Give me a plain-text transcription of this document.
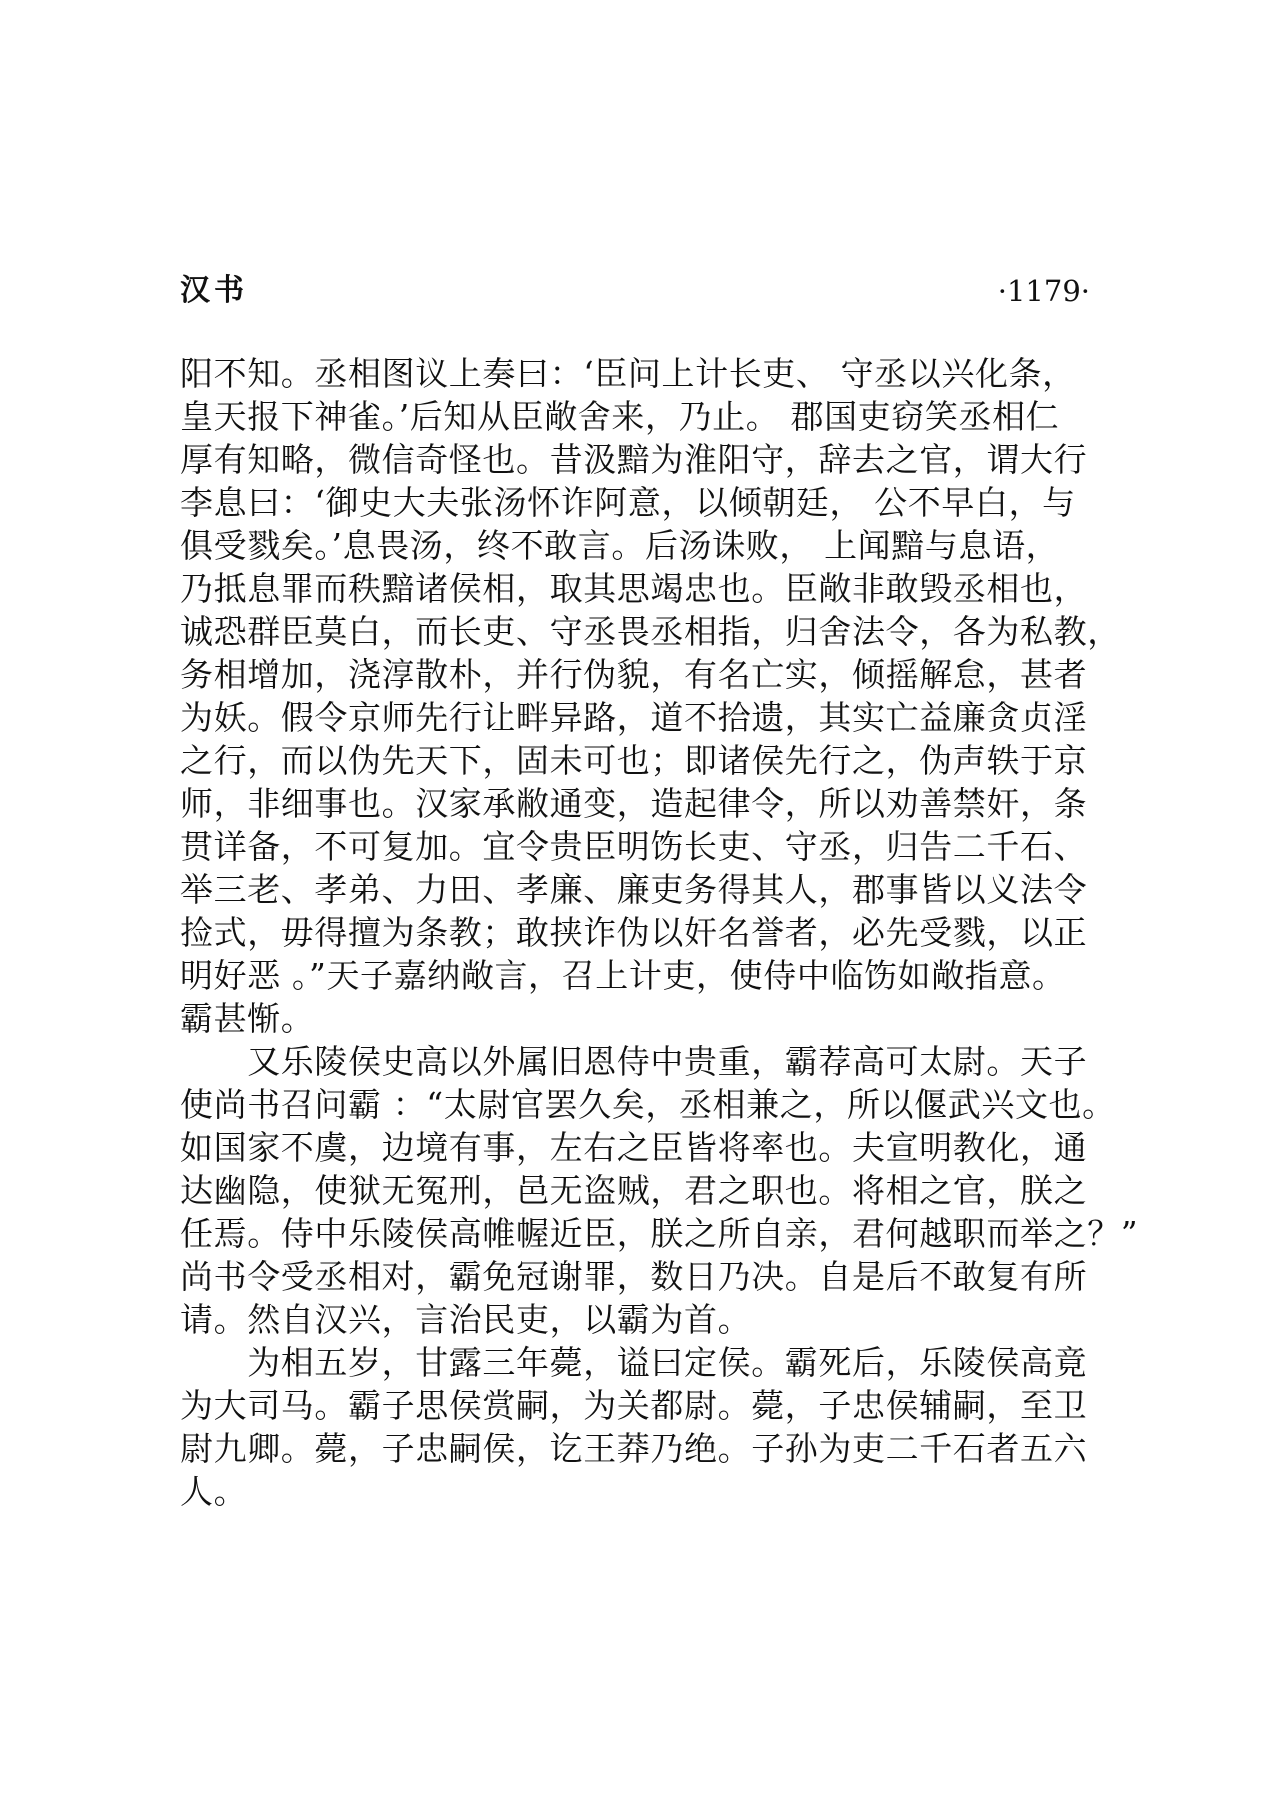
汉书	·1179·
阳不知。丞相图议上奏曰：‘臣问上计长吏、 守丞以兴化条，
皇天报下神雀。’后知从臣敞舍来，乃止。 郡国吏窃笑丞相仁
厚有知略，微信奇怪也。昔汲黯为淮阳守，辞去之官，谓大行
李息曰：‘御史大夫张汤怀诈阿意，以倾朝廷， 公不早白，与
俱受戮矣。’息畏汤，终不敢言。后汤诛败， 上闻黯与息语，
乃抵息罪而秩黯诸侯相，取其思竭忠也。臣敞非敢毁丞相也，
诚恐群臣莫白，而长吏、守丞畏丞相指，归舍法令，各为私教，
务相增加，浇淳散朴，并行伪貌，有名亡实，倾摇解怠，甚者
为妖。假令京师先行让畔异路，道不拾遗，其实亡益廉贪贞淫
之行，而以伪先天下，固未可也；即诸侯先行之，伪声轶于京
师，非细事也。汉家承敝通变，造起律令，所以劝善禁奸，条
贯详备，不可复加。宜令贵臣明饬长吏、守丞，归告二千石、
举三老、孝弟、力田、孝廉、廉吏务得其人，郡事皆以义法令
捡式，毋得擅为条教；敢挟诈伪以奸名誉者，必先受戮，以正
明好恶 。”天子嘉纳敞言，召上计吏，使侍中临饬如敞指意。
霸甚惭。
　　又乐陵侯史高以外属旧恩侍中贵重，霸荐高可太尉。天子
使尚书召问霸 ：“太尉官罢久矣，丞相兼之，所以偃武兴文也。
如国家不虞，边境有事，左右之臣皆将率也。夫宣明教化，通
达幽隐，使狱无冤刑，邑无盗贼，君之职也。将相之官，朕之
任焉。侍中乐陵侯高帷幄近臣，朕之所自亲，君何越职而举之？”
尚书令受丞相对，霸免冠谢罪，数日乃决。自是后不敢复有所
请。然自汉兴，言治民吏，以霸为首。
　　为相五岁，甘露三年薨，谥曰定侯。霸死后，乐陵侯高竟
为大司马。霸子思侯赏嗣，为关都尉。薨，子忠侯辅嗣，至卫
尉九卿。薨，子忠嗣侯，讫王莽乃绝。子孙为吏二千石者五六
人。
